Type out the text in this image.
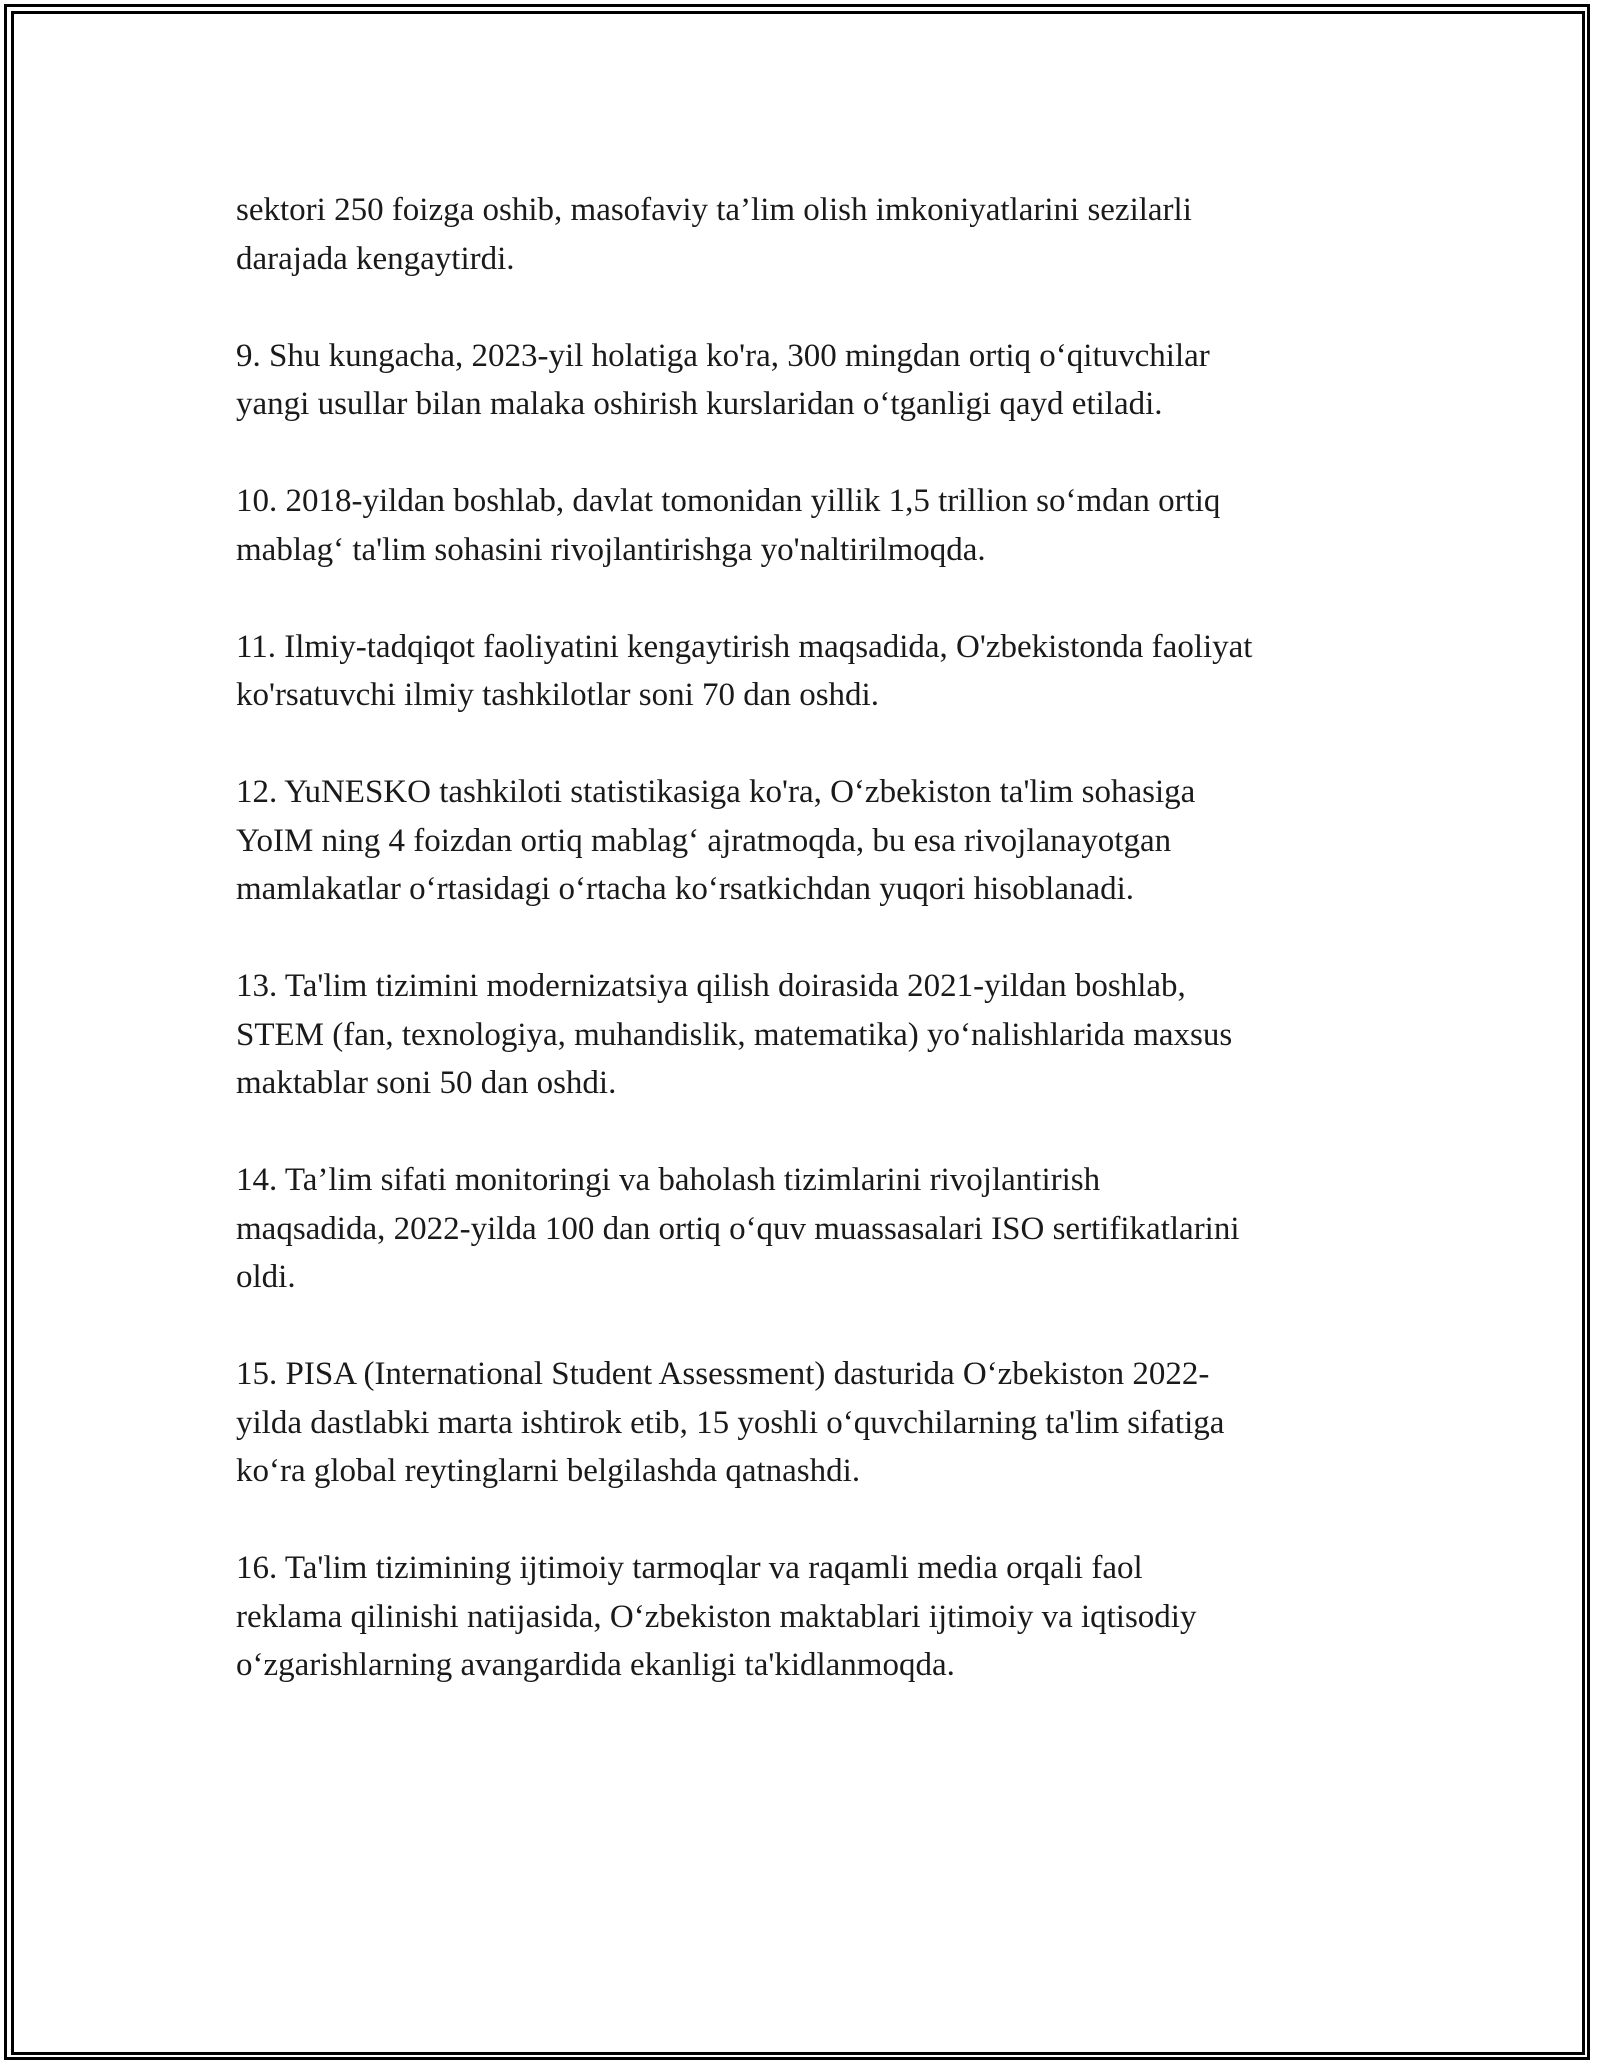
sektori 250 foizga oshib, masofaviy ta’lim olish imkoniyatlarini sezilarli
darajada kengaytirdi.

9. Shu kungacha, 2023-yil holatiga ko'ra, 300 mingdan ortiq o‘qituvchilar
yangi usullar bilan malaka oshirish kurslaridan o‘tganligi qayd etiladi.

10. 2018-yildan boshlab, davlat tomonidan yillik 1,5 trillion so‘mdan ortiq
mablag‘ ta'lim sohasini rivojlantirishga yo'naltirilmoqda.

11. Ilmiy-tadqiqot faoliyatini kengaytirish maqsadida, O'zbekistonda faoliyat
ko'rsatuvchi ilmiy tashkilotlar soni 70 dan oshdi.

12. YuNESKO tashkiloti statistikasiga ko'ra, O‘zbekiston ta'lim sohasiga
YoIM ning 4 foizdan ortiq mablag‘ ajratmoqda, bu esa rivojlanayotgan
mamlakatlar o‘rtasidagi o‘rtacha ko‘rsatkichdan yuqori hisoblanadi.

13. Ta'lim tizimini modernizatsiya qilish doirasida 2021-yildan boshlab,
STEM (fan, texnologiya, muhandislik, matematika) yo‘nalishlarida maxsus
maktablar soni 50 dan oshdi.

14. Ta’lim sifati monitoringi va baholash tizimlarini rivojlantirish
maqsadida, 2022-yilda 100 dan ortiq o‘quv muassasalari ISO sertifikatlarini
oldi.

15. PISA (International Student Assessment) dasturida O‘zbekiston 2022-
yilda dastlabki marta ishtirok etib, 15 yoshli o‘quvchilarning ta'lim sifatiga
ko‘ra global reytinglarni belgilashda qatnashdi.

16. Ta'lim tizimining ijtimoiy tarmoqlar va raqamli media orqali faol
reklama qilinishi natijasida, O‘zbekiston maktablari ijtimoiy va iqtisodiy
o‘zgarishlarning avangardida ekanligi ta'kidlanmoqda.
